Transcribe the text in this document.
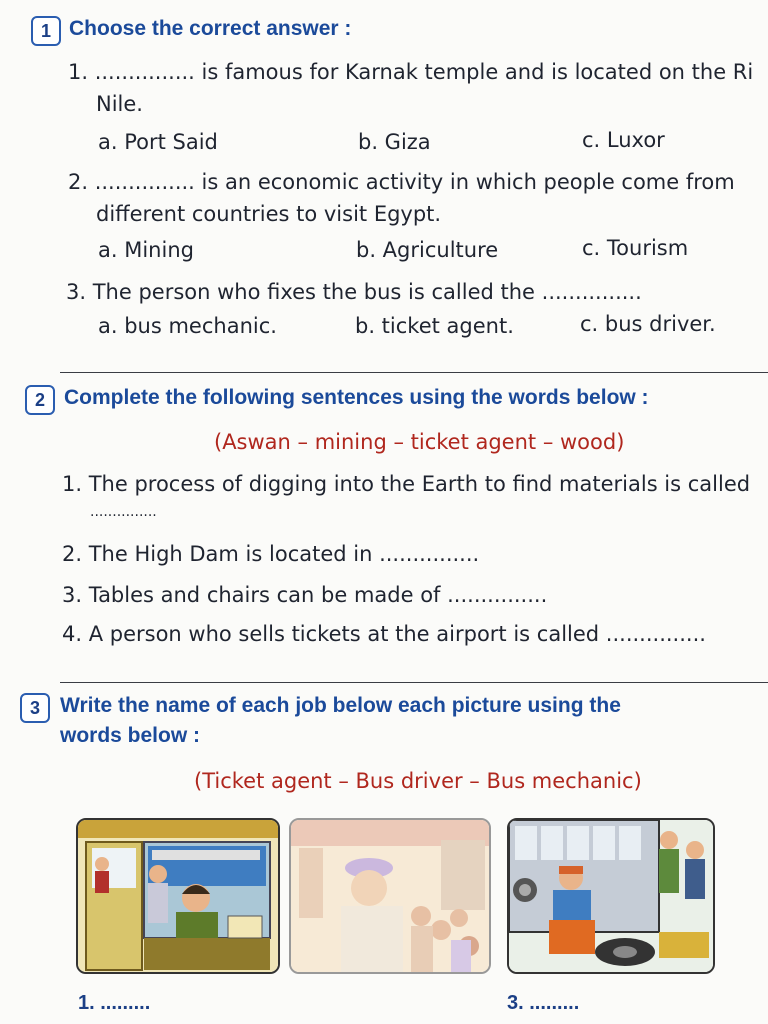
1 Choose the correct answer :
1. ............... is famous for Karnak temple and is located on the Ri
Nile.
a. Port Said	b. Giza	c. Luxor
2. ............... is an economic activity in which people come from
different countries to visit Egypt.
a. Mining	b. Agriculture	c. Tourism
3. The person who fixes the bus is called the ...............
a. bus mechanic.	b. ticket agent.	c. bus driver.
2 Complete the following sentences using the words below :
(Aswan – mining – ticket agent – wood)
1. The process of digging into the Earth to find materials is called
...............
2. The High Dam is located in ...............
3. Tables and chairs can be made of ...............
4. A person who sells tickets at the airport is called ...............
3 Write the name of each job below each picture using the
words below :
(Ticket agent – Bus driver – Bus mechanic)
1. .........	3. .........
